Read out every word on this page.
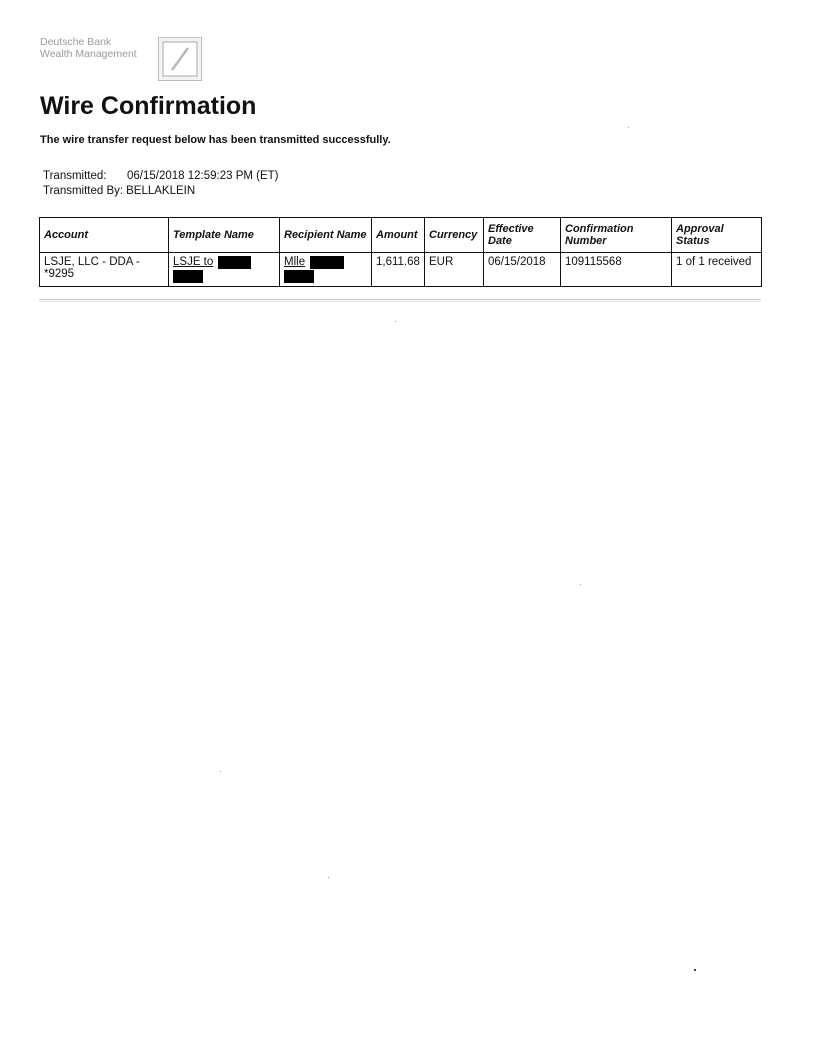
Deutsche Bank
Wealth Management
Wire Confirmation
The wire transfer request below has been transmitted successfully.
Transmitted:	06/15/2018 12:59:23 PM (ET)
Transmitted By: BELLAKLEIN
Account	Template Name	Recipient Name	Amount	Currency	Effective Date	Confirmation Number	Approval Status
LSJE, LLC - DDA - *9295	LSJE to	Mlle	1,611.68	EUR	06/15/2018	109115568	1 of 1 received
